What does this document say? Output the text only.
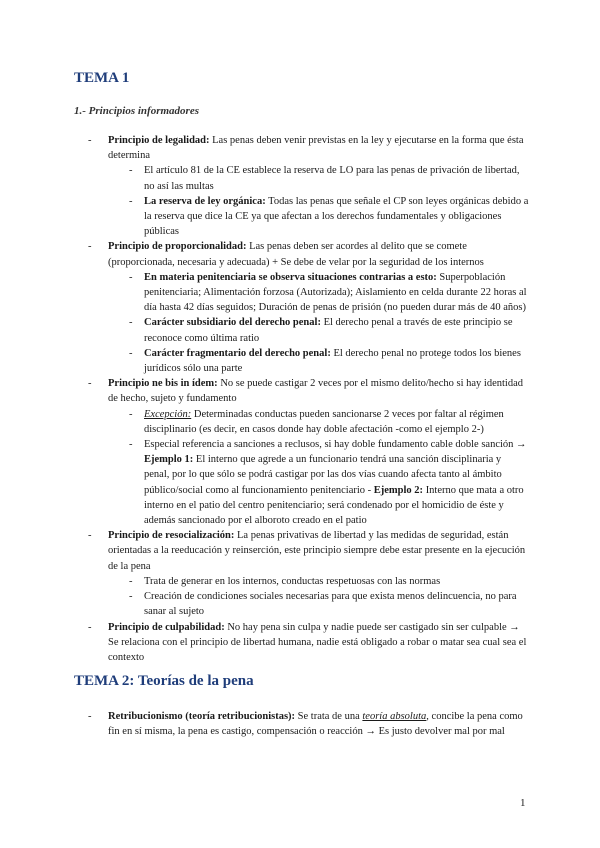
TEMA 1
1.- Principios informadores
- Principio de legalidad: Las penas deben venir previstas en la ley y ejecutarse en la forma que ésta determina
- El artículo 81 de la CE establece la reserva de LO para las penas de privación de libertad, no así las multas
- La reserva de ley orgánica: Todas las penas que señale el CP son leyes orgánicas debido a la reserva que dice la CE ya que afectan a los derechos fundamentales y obligaciones públicas
- Principio de proporcionalidad: Las penas deben ser acordes al delito que se comete (proporcionada, necesaria y adecuada) + Se debe de velar por la seguridad de los internos
- En materia penitenciaria se observa situaciones contrarias a esto: Superpoblación penitenciaria; Alimentación forzosa (Autorizada); Aislamiento en celda durante 22 horas al día hasta 42 días seguidos; Duración de penas de prisión (no pueden durar más de 40 años)
- Carácter subsidiario del derecho penal: El derecho penal a través de este principio se reconoce como última ratio
- Carácter fragmentario del derecho penal: El derecho penal no protege todos los bienes jurídicos sólo una parte
- Principio ne bis in ídem: No se puede castigar 2 veces por el mismo delito/hecho si hay identidad de hecho, sujeto y fundamento
- Excepción: Determinadas conductas pueden sancionarse 2 veces por faltar al régimen disciplinario (es decir, en casos donde hay doble afectación -como el ejemplo 2-)
- Especial referencia a sanciones a reclusos, si hay doble fundamento cable doble sanción → Ejemplo 1: El interno que agrede a un funcionario tendrá una sanción disciplinaria y penal, por lo que sólo se podrá castigar por las dos vías cuando afecta tanto al ámbito público/social como al funcionamiento penitenciario - Ejemplo 2: Interno que mata a otro interno en el patio del centro penitenciario; será condenado por el homicidio de éste y además sancionado por el alboroto creado en el patio
- Principio de resocialización: La penas privativas de libertad y las medidas de seguridad, están orientadas a la reeducación y reinserción, este principio siempre debe estar presente en la ejecución de la pena
- Trata de generar en los internos, conductas respetuosas con las normas
- Creación de condiciones sociales necesarias para que exista menos delincuencia, no para sanar al sujeto
- Principio de culpabilidad: No hay pena sin culpa y nadie puede ser castigado sin ser culpable → Se relaciona con el principio de libertad humana, nadie está obligado a robar o matar sea cual sea el contexto
TEMA 2: Teorías de la pena
- Retribucionismo (teoría retribucionistas): Se trata de una teoría absoluta, concibe la pena como fin en sí misma, la pena es castigo, compensación o reacción → Es justo devolver mal por mal
1
